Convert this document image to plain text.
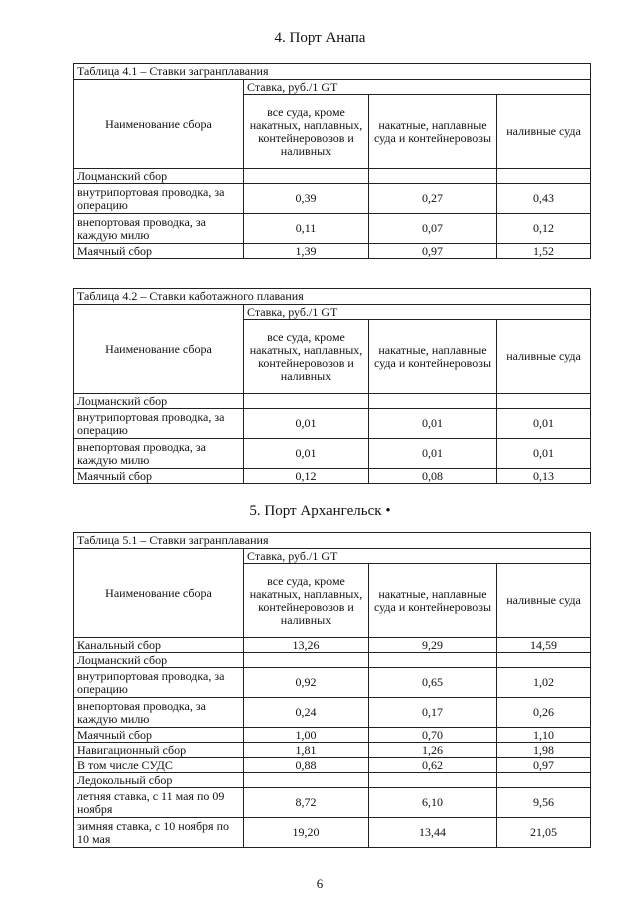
4. Порт Анапа
Таблица 4.1 – Ставки загранплавания			
Наименование сбора	Ставка, руб./1 GT		
	все суда, кроме накатных, наплавных, контейнеровозов и наливных	накатные, наплавные суда и контейнеровозы	наливные суда
Лоцманский сбор			
внутрипортовая проводка, за операцию	0,39	0,27	0,43
внепортовая проводка, за каждую милю	0,11	0,07	0,12
Маячный сбор	1,39	0,97	1,52
Таблица 4.2 – Ставки каботажного плавания			
Наименование сбора	Ставка, руб./1 GT		
	все суда, кроме накатных, наплавных, контейнеровозов и наливных	накатные, наплавные суда и контейнеровозы	наливные суда
Лоцманский сбор			
внутрипортовая проводка, за операцию	0,01	0,01	0,01
внепортовая проводка, за каждую милю	0,01	0,01	0,01
Маячный сбор	0,12	0,08	0,13
5. Порт Архангельск •
Таблица 5.1 – Ставки загранплавания			
Наименование сбора	Ставка, руб./1 GT		
	все суда, кроме накатных, наплавных, контейнеровозов и наливных	накатные, наплавные суда и контейнеровозы	наливные суда
Канальный сбор	13,26	9,29	14,59
Лоцманский сбор			
внутрипортовая проводка, за операцию	0,92	0,65	1,02
внепортовая проводка, за каждую милю	0,24	0,17	0,26
Маячный сбор	1,00	0,70	1,10
Навигационный сбор	1,81	1,26	1,98
В том числе СУДС	0,88	0,62	0,97
Ледокольный сбор			
летняя ставка, с 11 мая по 09 ноября	8,72	6,10	9,56
зимняя ставка, с 10 ноября по 10 мая	19,20	13,44	21,05
6
